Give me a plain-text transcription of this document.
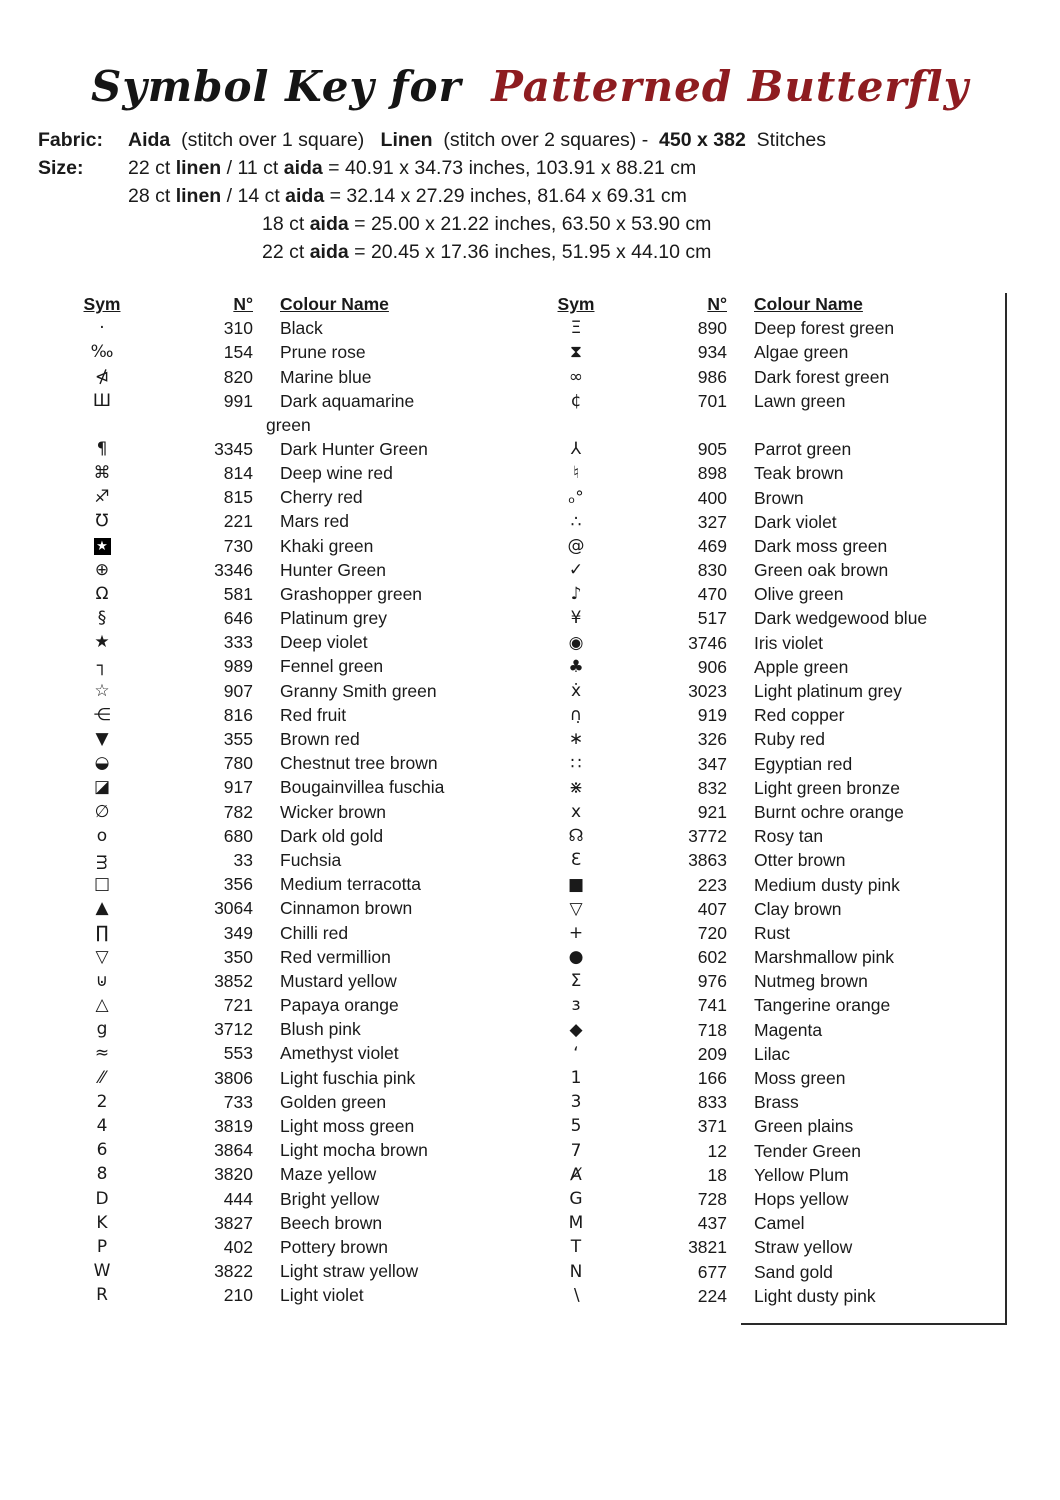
Symbol Key for Patterned Butterfly
Fabric:	Aida (stitch over 1 square) Linen (stitch over 2 squares) - 450 x 382 Stitches
Size:	22 ct linen / 11 ct aida = 40.91 x 34.73 inches, 103.91 x 88.21 cm
28 ct linen / 14 ct aida = 32.14 x 27.29 inches, 81.64 x 69.31 cm
18 ct aida = 25.00 x 21.22 inches, 63.50 x 53.90 cm
22 ct aida = 20.45 x 17.36 inches, 51.95 x 44.10 cm
Sym	N° Colour Name
·	310 Black
‰	154 Prune rose
⋪	820 Marine blue
Ш	991	Dark aquamarine green
¶	3345 Dark Hunter Green
⌘	814 Deep wine red
♐	815 Cherry red
℧	221 Mars red
★	730 Khaki green
⊕	3346 Hunter Green
Ω	581 Grashopper green
§	646 Platinum grey
★	333 Deep violet
┐	989 Fennel green
☆	907 Granny Smith green
⋲	816 Red fruit
▼	355 Brown red
◒	780 Chestnut tree brown
◪	917 Bougainvillea fuschia
∅	782 Wicker brown
o	680 Dark old gold
ᴟ	33 Fuchsia
□	356 Medium terracotta
▲	3064 Cinnamon brown
∏	349 Chilli red
▽	350 Red vermillion
⊍	3852 Mustard yellow
△	721 Papaya orange
g	3712 Blush pink
≈	553 Amethyst violet
⁄⁄	3806 Light fuschia pink
2	733 Golden green
4	3819 Light moss green
6	3864 Light mocha brown
8	3820 Maze yellow
D	444 Bright yellow
K	3827 Beech brown
P	402 Pottery brown
W	3822 Light straw yellow
R	210 Light violet
Sym	N° Colour Name
Ξ	890 Deep forest green
⧗	934 Algae green
∞	986 Dark forest green
¢	701 Lawn green
⅄	905 Parrot green
♮	898 Teak brown
ₒ°	400 Brown
∴	327 Dark violet
@	469 Dark moss green
✓	830 Green oak brown
♪	470 Olive green
¥	517 Dark wedgewood blue
◉	3746 Iris violet
♣	906 Apple green
ẋ	3023 Light platinum grey
∩̣	919 Red copper
∗	326 Ruby red
∷	347 Egyptian red
⋇	832 Light green bronze
x	921 Burnt ochre orange
☊	3772 Rosy tan
Ɛ	3863 Otter brown
■	223 Medium dusty pink
▽	407 Clay brown
+	720 Rust
●	602 Marshmallow pink
Σ	976 Nutmeg brown
ɜ	741 Tangerine orange
◆	718 Magenta
ʻ	209 Lilac
1	166 Moss green
3	833 Brass
5	371 Green plains
7	12 Tender Green
Ⱥ	18 Yellow Plum
G	728 Hops yellow
M	437 Camel
T	3821 Straw yellow
N	677 Sand gold
∖	224 Light dusty pink
